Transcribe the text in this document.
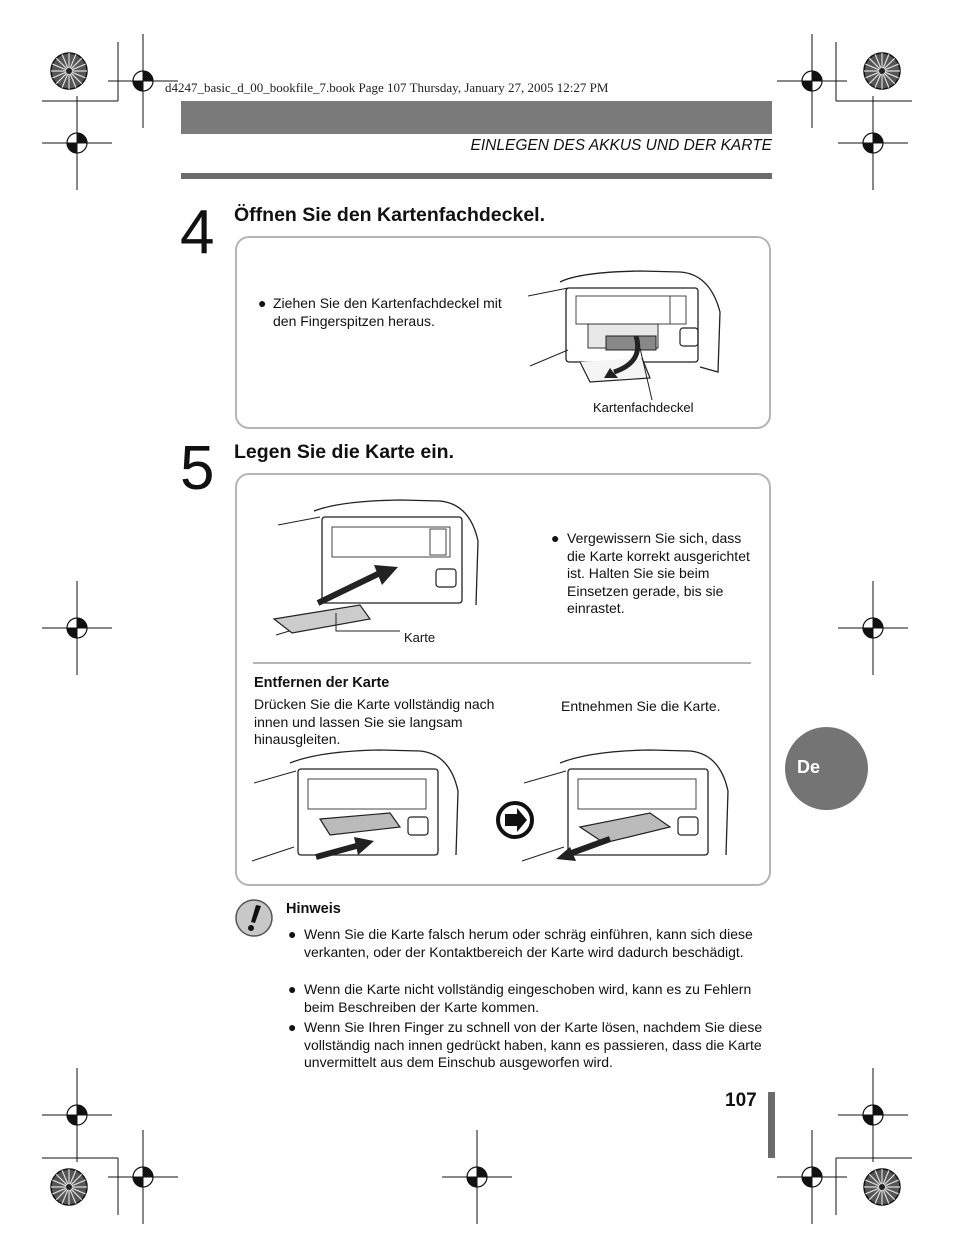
d4247_basic_d_00_bookfile_7.book Page 107 Thursday, January 27, 2005 12:27 PM
EINLEGEN DES AKKUS UND DER KARTE
4 Öffnen Sie den Kartenfachdeckel.
● Ziehen Sie den Kartenfachdeckel mit den Fingerspitzen heraus.
Kartenfachdeckel
5 Legen Sie die Karte ein.
Karte
● Vergewissern Sie sich, dass die Karte korrekt ausgerichtet ist. Halten Sie sie beim Einsetzen gerade, bis sie einrastet.
Entfernen der Karte
Drücken Sie die Karte vollständig nach innen und lassen Sie sie langsam hinausgleiten.
Entnehmen Sie die Karte.
Hinweis
● Wenn Sie die Karte falsch herum oder schräg einführen, kann sich diese verkanten, oder der Kontaktbereich der Karte wird dadurch beschädigt.
● Wenn die Karte nicht vollständig eingeschoben wird, kann es zu Fehlern beim Beschreiben der Karte kommen.
● Wenn Sie Ihren Finger zu schnell von der Karte lösen, nachdem Sie diese vollständig nach innen gedrückt haben, kann es passieren, dass die Karte unvermittelt aus dem Einschub ausgeworfen wird.
De
107
